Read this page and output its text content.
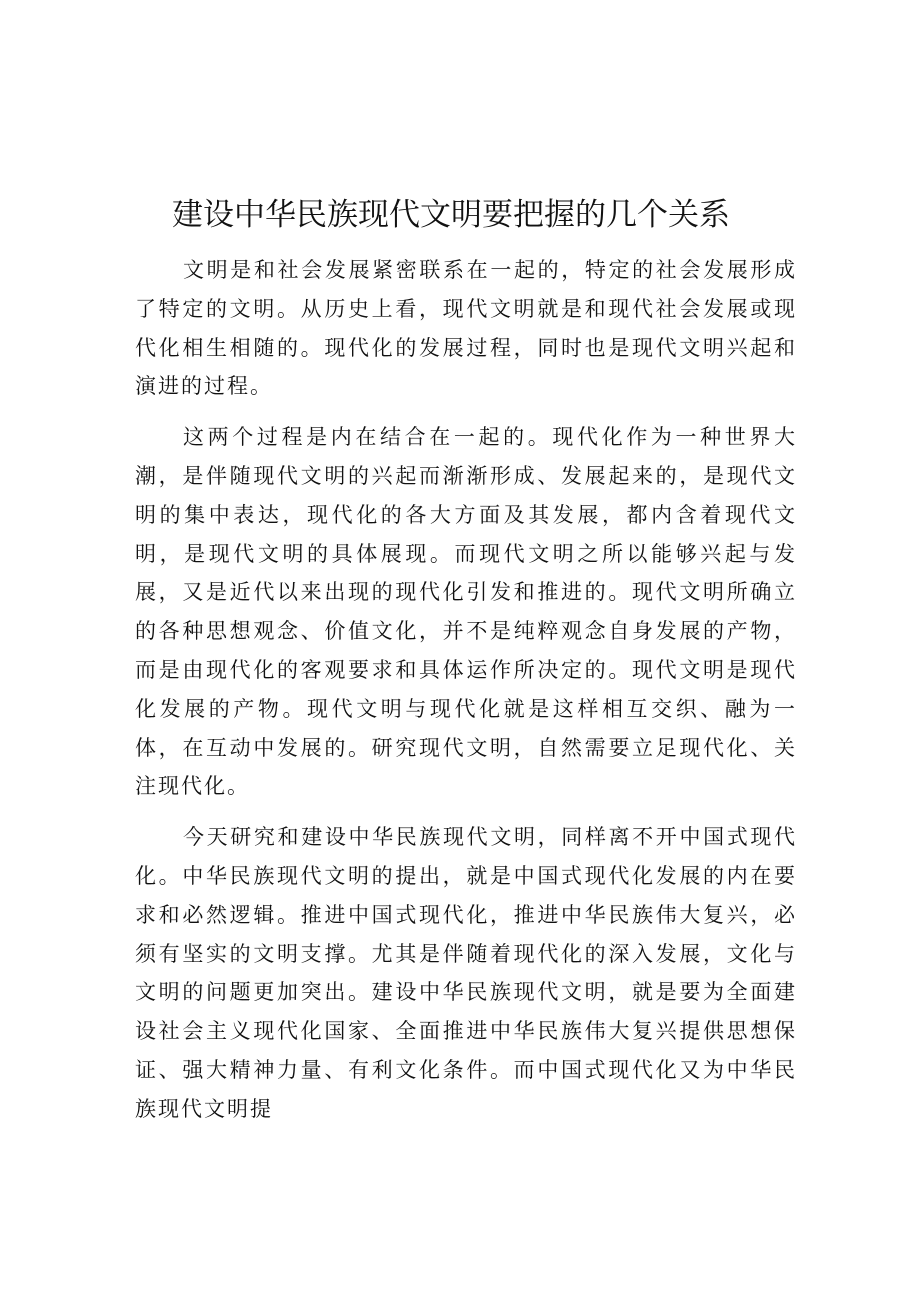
建设中华民族现代文明要把握的几个关系

文明是和社会发展紧密联系在一起的，特定的社会发展形成了特定的文明。从历史上看，现代文明就是和现代社会发展或现代化相生相随的。现代化的发展过程，同时也是现代文明兴起和演进的过程。

这两个过程是内在结合在一起的。现代化作为一种世界大潮，是伴随现代文明的兴起而渐渐形成、发展起来的，是现代文明的集中表达，现代化的各大方面及其发展，都内含着现代文明，是现代文明的具体展现。而现代文明之所以能够兴起与发展，又是近代以来出现的现代化引发和推进的。现代文明所确立的各种思想观念、价值文化，并不是纯粹观念自身发展的产物，而是由现代化的客观要求和具体运作所决定的。现代文明是现代化发展的产物。现代文明与现代化就是这样相互交织、融为一体，在互动中发展的。研究现代文明，自然需要立足现代化、关注现代化。

今天研究和建设中华民族现代文明，同样离不开中国式现代化。中华民族现代文明的提出，就是中国式现代化发展的内在要求和必然逻辑。推进中国式现代化，推进中华民族伟大复兴，必须有坚实的文明支撑。尤其是伴随着现代化的深入发展，文化与文明的问题更加突出。建设中华民族现代文明，就是要为全面建设社会主义现代化国家、全面推进中华民族伟大复兴提供思想保证、强大精神力量、有利文化条件。而中国式现代化又为中华民族现代文明提
